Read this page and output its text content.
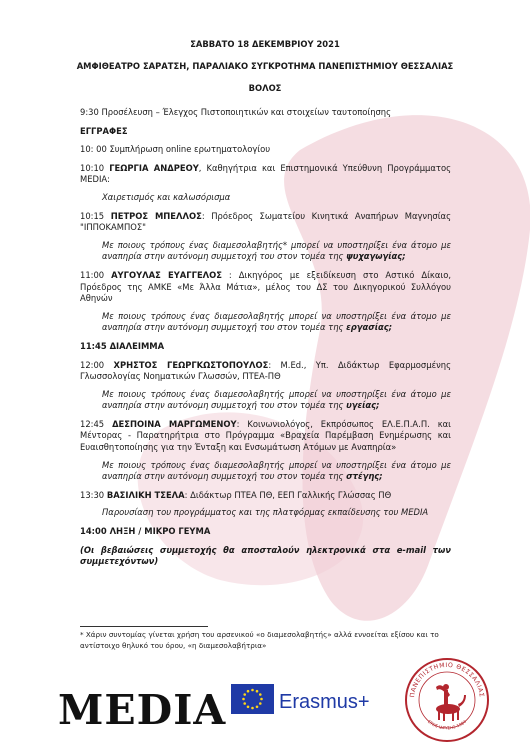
ΣΑΒΒΑΤΟ 18 ΔΕΚΕΜΒΡΙΟΥ 2021
ΑΜΦΙΘΕΑΤΡΟ ΣΑΡΑΤΣΗ, ΠΑΡΑΛΙΑΚΟ ΣΥΓΚΡΟΤΗΜΑ ΠΑΝΕΠΙΣΤΗΜΙΟΥ ΘΕΣΣΑΛΙΑΣ
ΒΟΛΟΣ
9:30 Προσέλευση – Έλεγχος Πιστοποιητικών και στοιχείων ταυτοποίησης
ΕΓΓΡΑΦΕΣ
10: 00 Συμπλήρωση online ερωτηματολογίου
10:10 ΓΕΩΡΓΙΑ ΑΝΔΡΕΟΥ, Καθηγήτρια και Επιστημονικά Υπεύθυνη Προγράμματος MEDIA:
Χαιρετισμός και καλωσόρισμα
10:15 ΠΕΤΡΟΣ ΜΠΕΛΛΟΣ: Πρόεδρος Σωματείου Κινητικά Αναπήρων Μαγνησίας "ΙΠΠΟΚΑΜΠΟΣ"
Με ποιους τρόπους ένας διαμεσολαβητής* μπορεί να υποστηρίξει ένα άτομο με αναπηρία στην αυτόνομη συμμετοχή του στον τομέα της ψυχαγωγίας;
11:00 ΑΥΓΟΥΛΑΣ ΕΥΑΓΓΕΛΟΣ : Δικηγόρος με εξειδίκευση στο Αστικό Δίκαιο, Πρόεδρος της ΑΜΚΕ «Με Άλλα Μάτια», μέλος του ΔΣ του Δικηγορικού Συλλόγου Αθηνών
Με ποιους τρόπους ένας διαμεσολαβητής μπορεί να υποστηρίξει ένα άτομο με αναπηρία στην αυτόνομη συμμετοχή του στον τομέα της εργασίας;
11:45 ΔΙΑΛΕΙΜΜΑ
12:00 ΧΡΗΣΤΟΣ ΓΕΩΡΓΚΩΣΤΟΠΟΥΛΟΣ: M.Ed., Υπ. Διδάκτωρ Εφαρμοσμένης Γλωσσολογίας Νοηματικών Γλωσσών, ΠΤΕΑ-ΠΘ
Με ποιους τρόπους ένας διαμεσολαβητής μπορεί να υποστηρίξει ένα άτομο με αναπηρία στην αυτόνομη συμμετοχή του στον τομέα της υγείας;
12:45 ΔΕΣΠΟΙΝΑ ΜΑΡΓΩΜΕΝΟΥ: Κοινωνιολόγος, Εκπρόσωπος ΕΛ.Ε.Π.Α.Π. και Μέντορας - Παρατηρήτρια στο Πρόγραμμα «Βραχεία Παρέμβαση Ενημέρωσης και Ευαισθητοποίησης για την Ένταξη και Ενσωμάτωση Ατόμων με Αναπηρία»
Με ποιους τρόπους ένας διαμεσολαβητής μπορεί να υποστηρίξει ένα άτομο με αναπηρία στην αυτόνομη συμμετοχή του στον τομέα της στέγης;
13:30 ΒΑΣΙΛΙΚΗ ΤΣΕΛΑ: Διδάκτωρ ΠΤΕΑ ΠΘ, ΕΕΠ Γαλλικής Γλώσσας ΠΘ
Παρουσίαση του προγράμματος και της πλατφόρμας εκπαίδευσης του MEDIA
14:00 ΛΗΞΗ / ΜΙΚΡΟ ΓΕΥΜΑ
(Οι βεβαιώσεις συμμετοχής θα αποσταλούν ηλεκτρονικά στα e-mail των συμμετεχόντων)
* Χάριν συντομίας γίνεται χρήση του αρσενικού «ο διαμεσολαβητής» αλλά εννοείται εξίσου και το αντίστοιχο θηλυκό του όρου, «η διαμεσολαβήτρια»
MEDIA	Erasmus+	ΠΑΝΕΠΙΣΤΗΜΙΟ ΘΕΣΣΑΛΙΑΣ
ΕΤΟΣ ΙΔΡΥΣΗΣ 1984
